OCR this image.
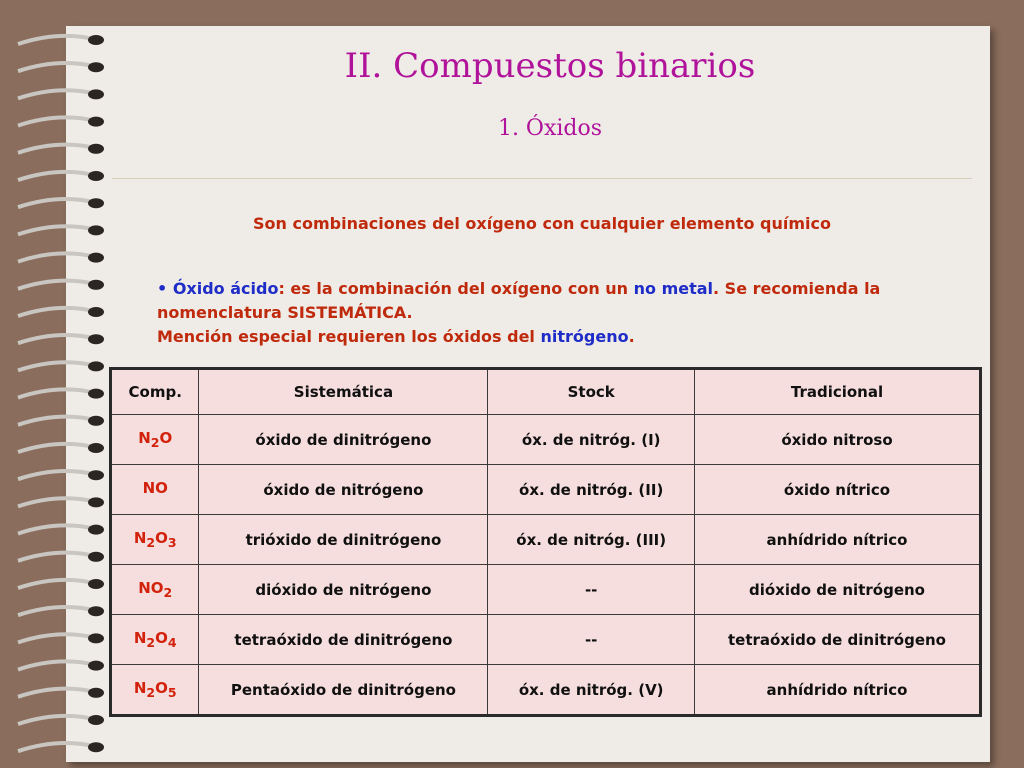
II. Compuestos binarios
1. Óxidos
Son combinaciones del oxígeno con cualquier elemento químico
• Óxido ácido: es la combinación del oxígeno con un no metal. Se recomienda la nomenclatura SISTEMÁTICA.
Mención especial requieren los óxidos del nitrógeno.
Comp.	Sistemática	Stock	Tradicional
$N_2O$	óxido de dinitrógeno	óx. de nitróg. (I)	óxido nitroso
NO	óxido de nitrógeno	óx. de nitróg. (II)	óxido nítrico
$N_2O_3$	trióxido de dinitrógeno	óx. de nitróg. (III)	anhídrido nítrico
$NO_2$	dióxido de nitrógeno	--	dióxido de nitrógeno
$N_2O_4$	tetraóxido de dinitrógeno	--	tetraóxido de dinitrógeno
$N_2O_5$	Pentaóxido de dinitrógeno	óx. de nitróg. (V)	anhídrido nítrico
